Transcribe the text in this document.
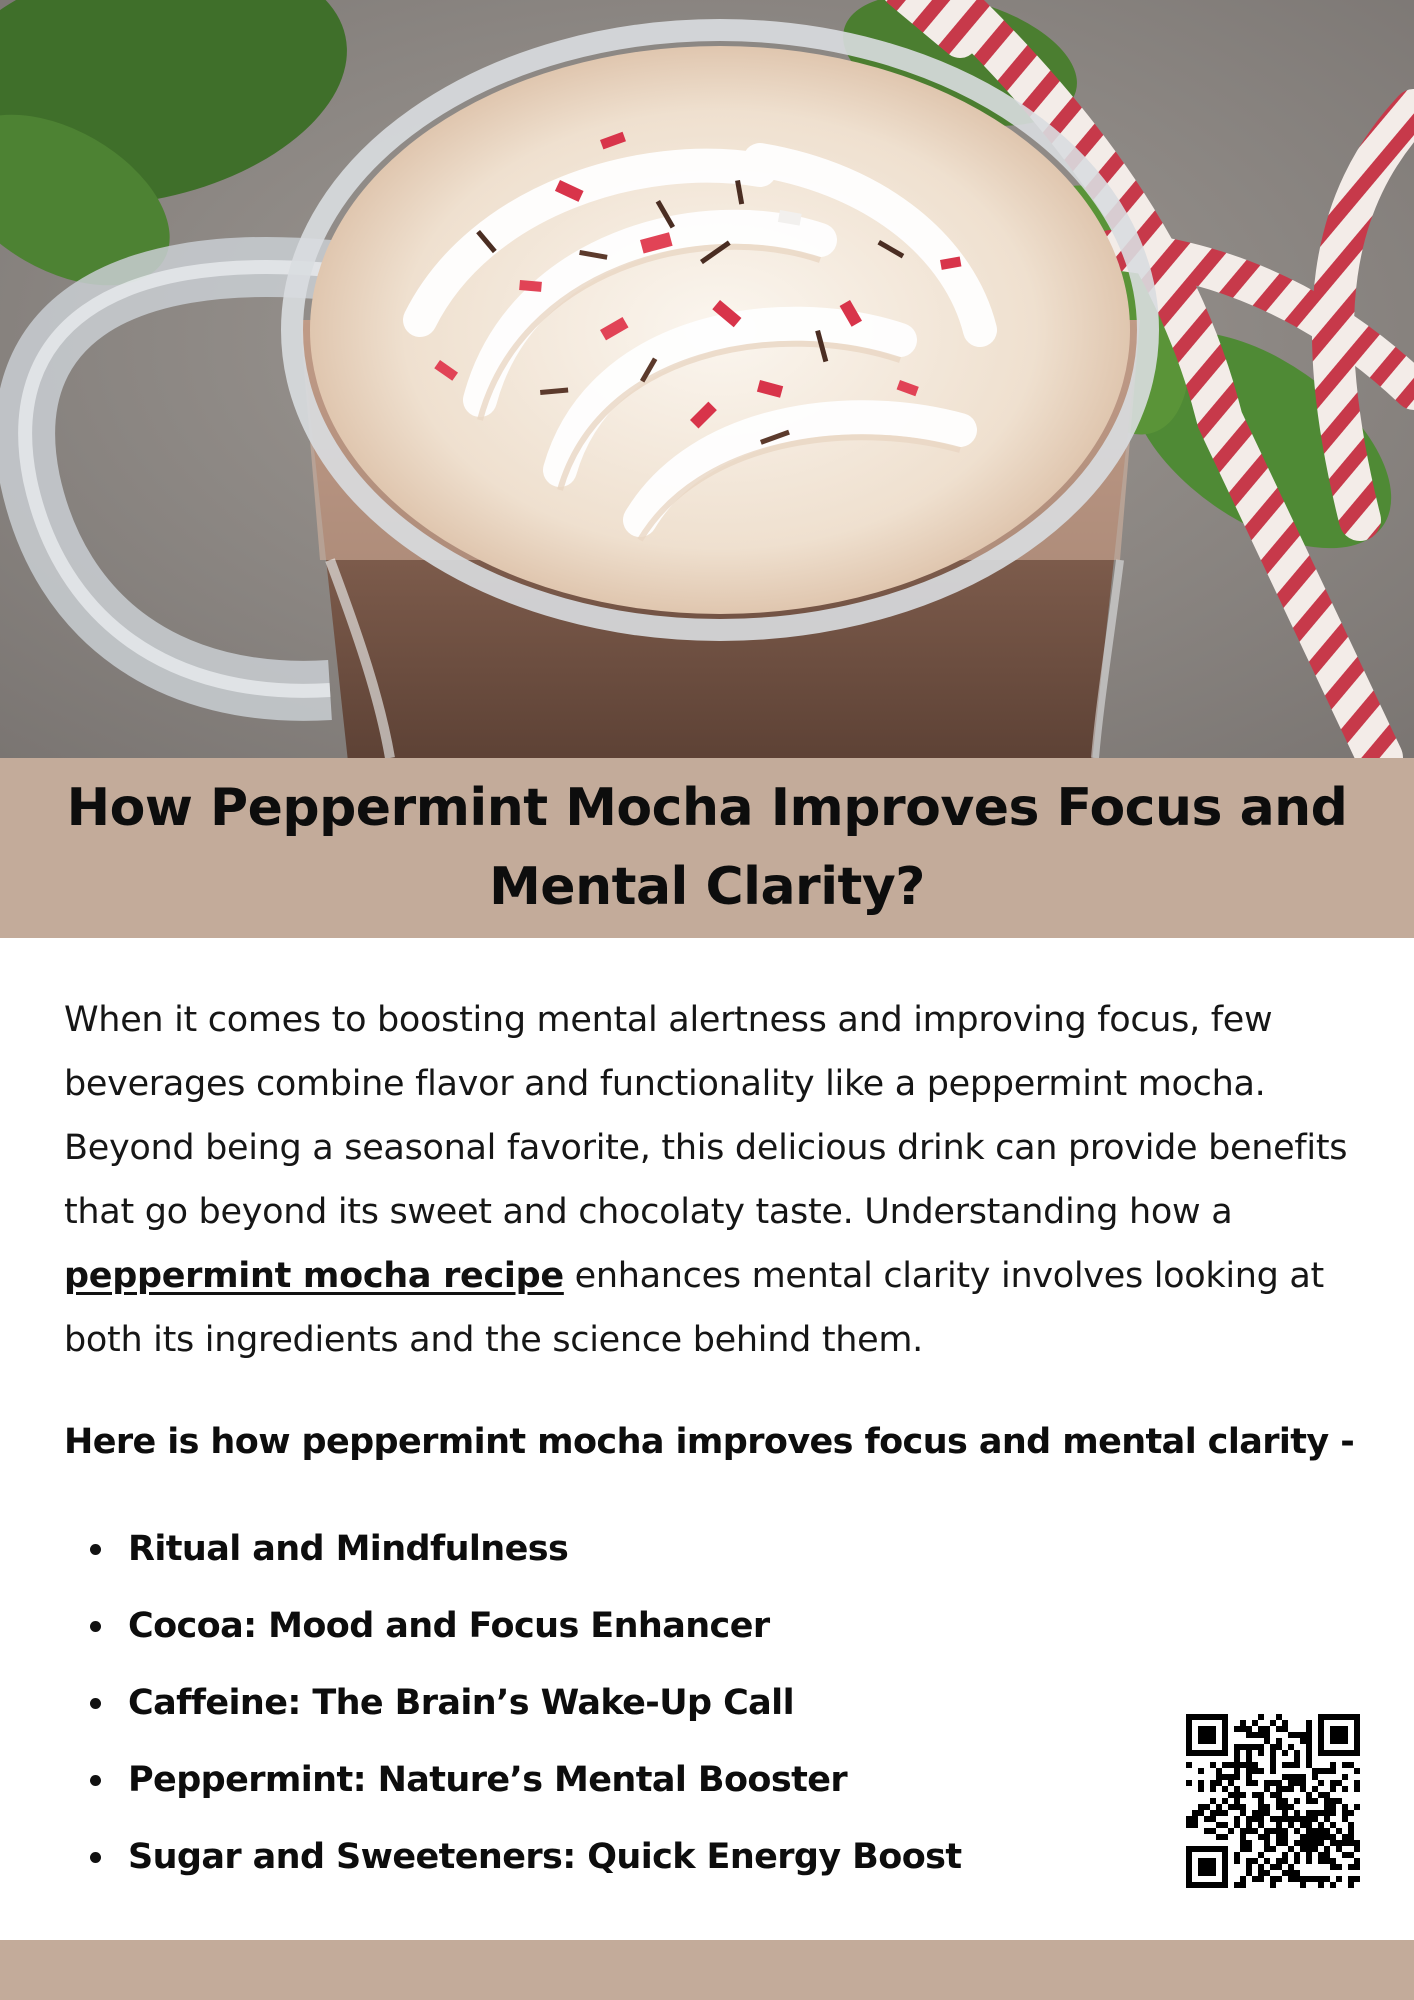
How Peppermint Mocha Improves Focus and Mental Clarity?

When it comes to boosting mental alertness and improving focus, few beverages combine flavor and functionality like a peppermint mocha. Beyond being a seasonal favorite, this delicious drink can provide benefits that go beyond its sweet and chocolaty taste. Understanding how a peppermint mocha recipe enhances mental clarity involves looking at both its ingredients and the science behind them.

Here is how peppermint mocha improves focus and mental clarity -

Ritual and Mindfulness
Cocoa: Mood and Focus Enhancer
Caffeine: The Brain’s Wake-Up Call
Peppermint: Nature’s Mental Booster
Sugar and Sweeteners: Quick Energy Boost
